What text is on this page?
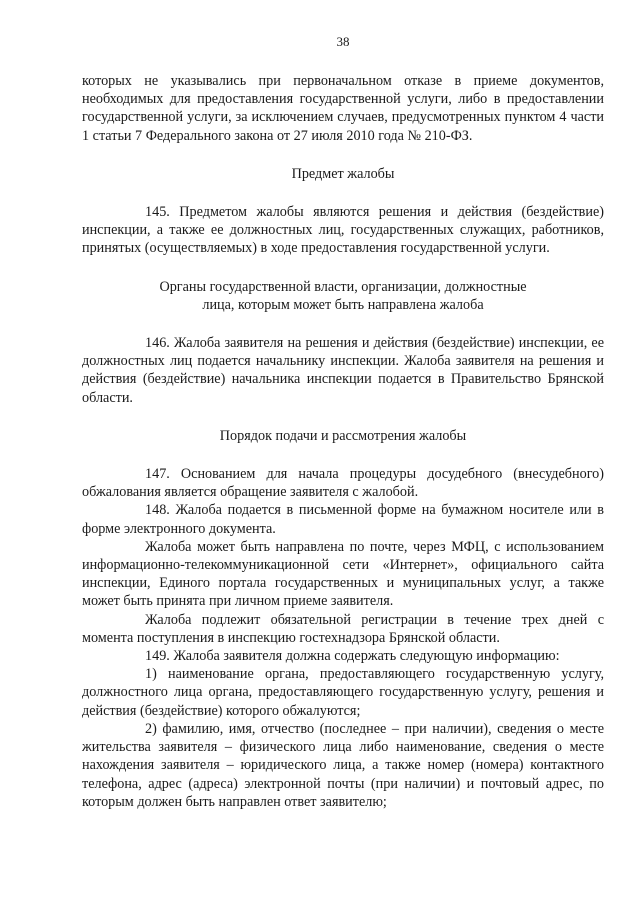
38

которых не указывались при первоначальном отказе в приеме документов, необходимых для предоставления государственной услуги, либо в предоставлении государственной услуги, за исключением случаев, предусмотренных пунктом 4 части 1 статьи 7 Федерального закона от 27 июля 2010 года № 210-ФЗ.

Предмет жалобы

145. Предметом жалобы являются решения и действия (бездействие) инспекции, а также ее должностных лиц, государственных служащих, работников, принятых (осуществляемых) в ходе предоставления государственной услуги.

Органы государственной власти, организации, должностные

лица, которым может быть направлена жалоба

146. Жалоба заявителя на решения и действия (бездействие) инспекции, ее должностных лиц подается начальнику инспекции. Жалоба заявителя на решения и действия (бездействие) начальника инспекции подается в Правительство Брянской области.

Порядок подачи и рассмотрения жалобы

147. Основанием для начала процедуры досудебного (внесудебного) обжалования является обращение заявителя с жалобой.

148. Жалоба подается в письменной форме на бумажном носителе или в форме электронного документа.

Жалоба может быть направлена по почте, через МФЦ, с использованием информационно-телекоммуникационной сети «Интернет», официального сайта инспекции, Единого портала государственных и муниципальных услуг, а также может быть принята при личном приеме заявителя.

Жалоба подлежит обязательной регистрации в течение трех дней с момента поступления в инспекцию гостехнадзора Брянской области.

149. Жалоба заявителя должна содержать следующую информацию:

1) наименование органа, предоставляющего государственную услугу, должностного лица органа, предоставляющего государственную услугу, решения и действия (бездействие) которого обжалуются;

2) фамилию, имя, отчество (последнее – при наличии), сведения о месте жительства заявителя – физического лица либо наименование, сведения о месте нахождения заявителя – юридического лица, а также номер (номера) контактного телефона, адрес (адреса) электронной почты (при наличии) и почтовый адрес, по которым должен быть направлен ответ заявителю;
